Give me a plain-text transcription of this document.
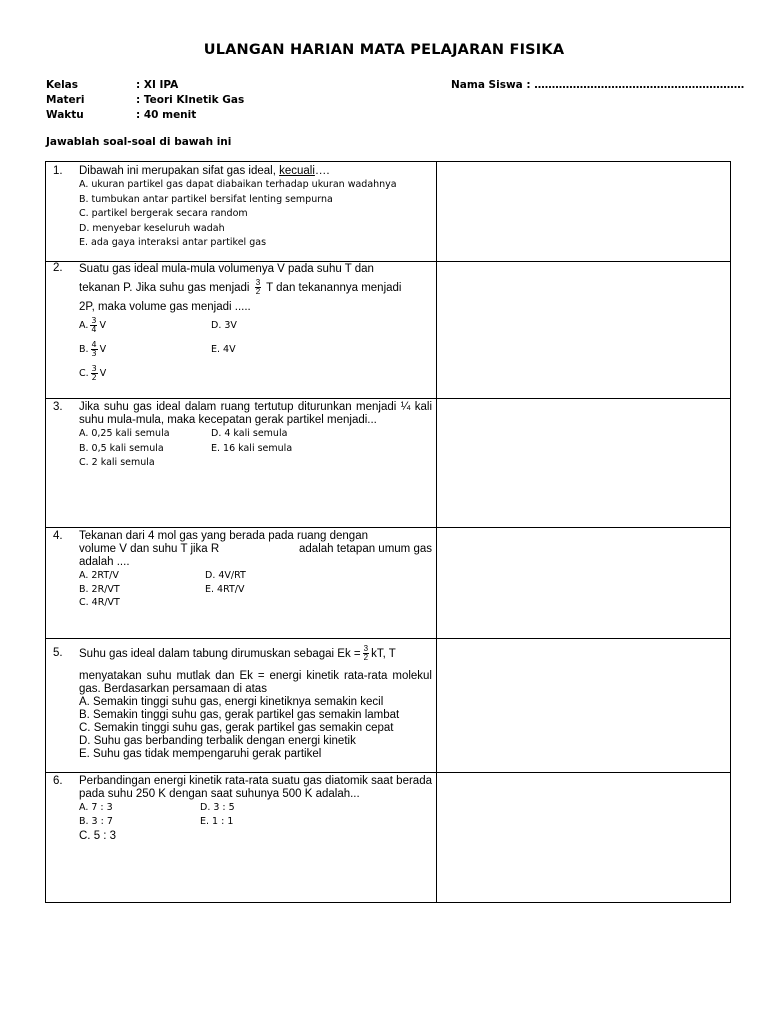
ULANGAN HARIAN MATA PELAJARAN FISIKA
Kelas	: XI IPA
Materi	: Teori KInetik Gas
Waktu	: 40 menit
Nama Siswa : ……………………………………………………
Jawablah soal-soal di bawah ini
1. Dibawah ini merupakan sifat gas ideal, kecuali….
A. ukuran partikel gas dapat diabaikan terhadap ukuran wadahnya
B. tumbukan antar partikel bersifat lenting sempurna
C. partikel bergerak secara random
D. menyebar keseluruh wadah
E. ada gaya interaksi antar partikel gas
2. Suatu gas ideal mula-mula volumenya V pada suhu T dan
tekanan P. Jika suhu gas menjadi $\frac{3}{2}$ T dan tekanannya menjadi
2P, maka volume gas menjadi .....
A. $\frac{3}{4}$ V	D. 3V
B. $\frac{4}{3}$ V	E. 4V
C. $\frac{3}{2}$ V
3. Jika suhu gas ideal dalam ruang tertutup diturunkan menjadi ¼ kali suhu mula-mula, maka kecepatan gerak partikel menjadi...
A. 0,25 kali semula	D. 4 kali semula
B. 0,5 kali semula	E. 16 kali semula
C. 2 kali semula
4. Tekanan dari 4 mol gas yang berada pada ruang dengan
volume V dan suhu T jika R	adalah tetapan umum gas
adalah ....
A. 2RT/V	D. 4V/RT
B. 2R/VT	E. 4RT/V
C. 4R/VT
5. Suhu gas ideal dalam tabung dirumuskan sebagai $Ek = \frac{3}{2}$ kT, T
menyatakan suhu mutlak dan Ek = energi kinetik rata-rata molekul gas. Berdasarkan persamaan di atas
A. Semakin tinggi suhu gas, energi kinetiknya semakin kecil
B. Semakin tinggi suhu gas, gerak partikel gas semakin lambat
C. Semakin tinggi suhu gas, gerak partikel gas semakin cepat
D. Suhu gas berbanding terbalik dengan energi kinetik
E. Suhu gas tidak mempengaruhi gerak partikel
6. Perbandingan energi kinetik rata-rata suatu gas diatomik saat berada pada suhu 250 K dengan saat suhunya 500 K adalah...
A. 7 : 3	D. 3 : 5
B. 3 : 7	E. 1 : 1
C. 5 : 3
